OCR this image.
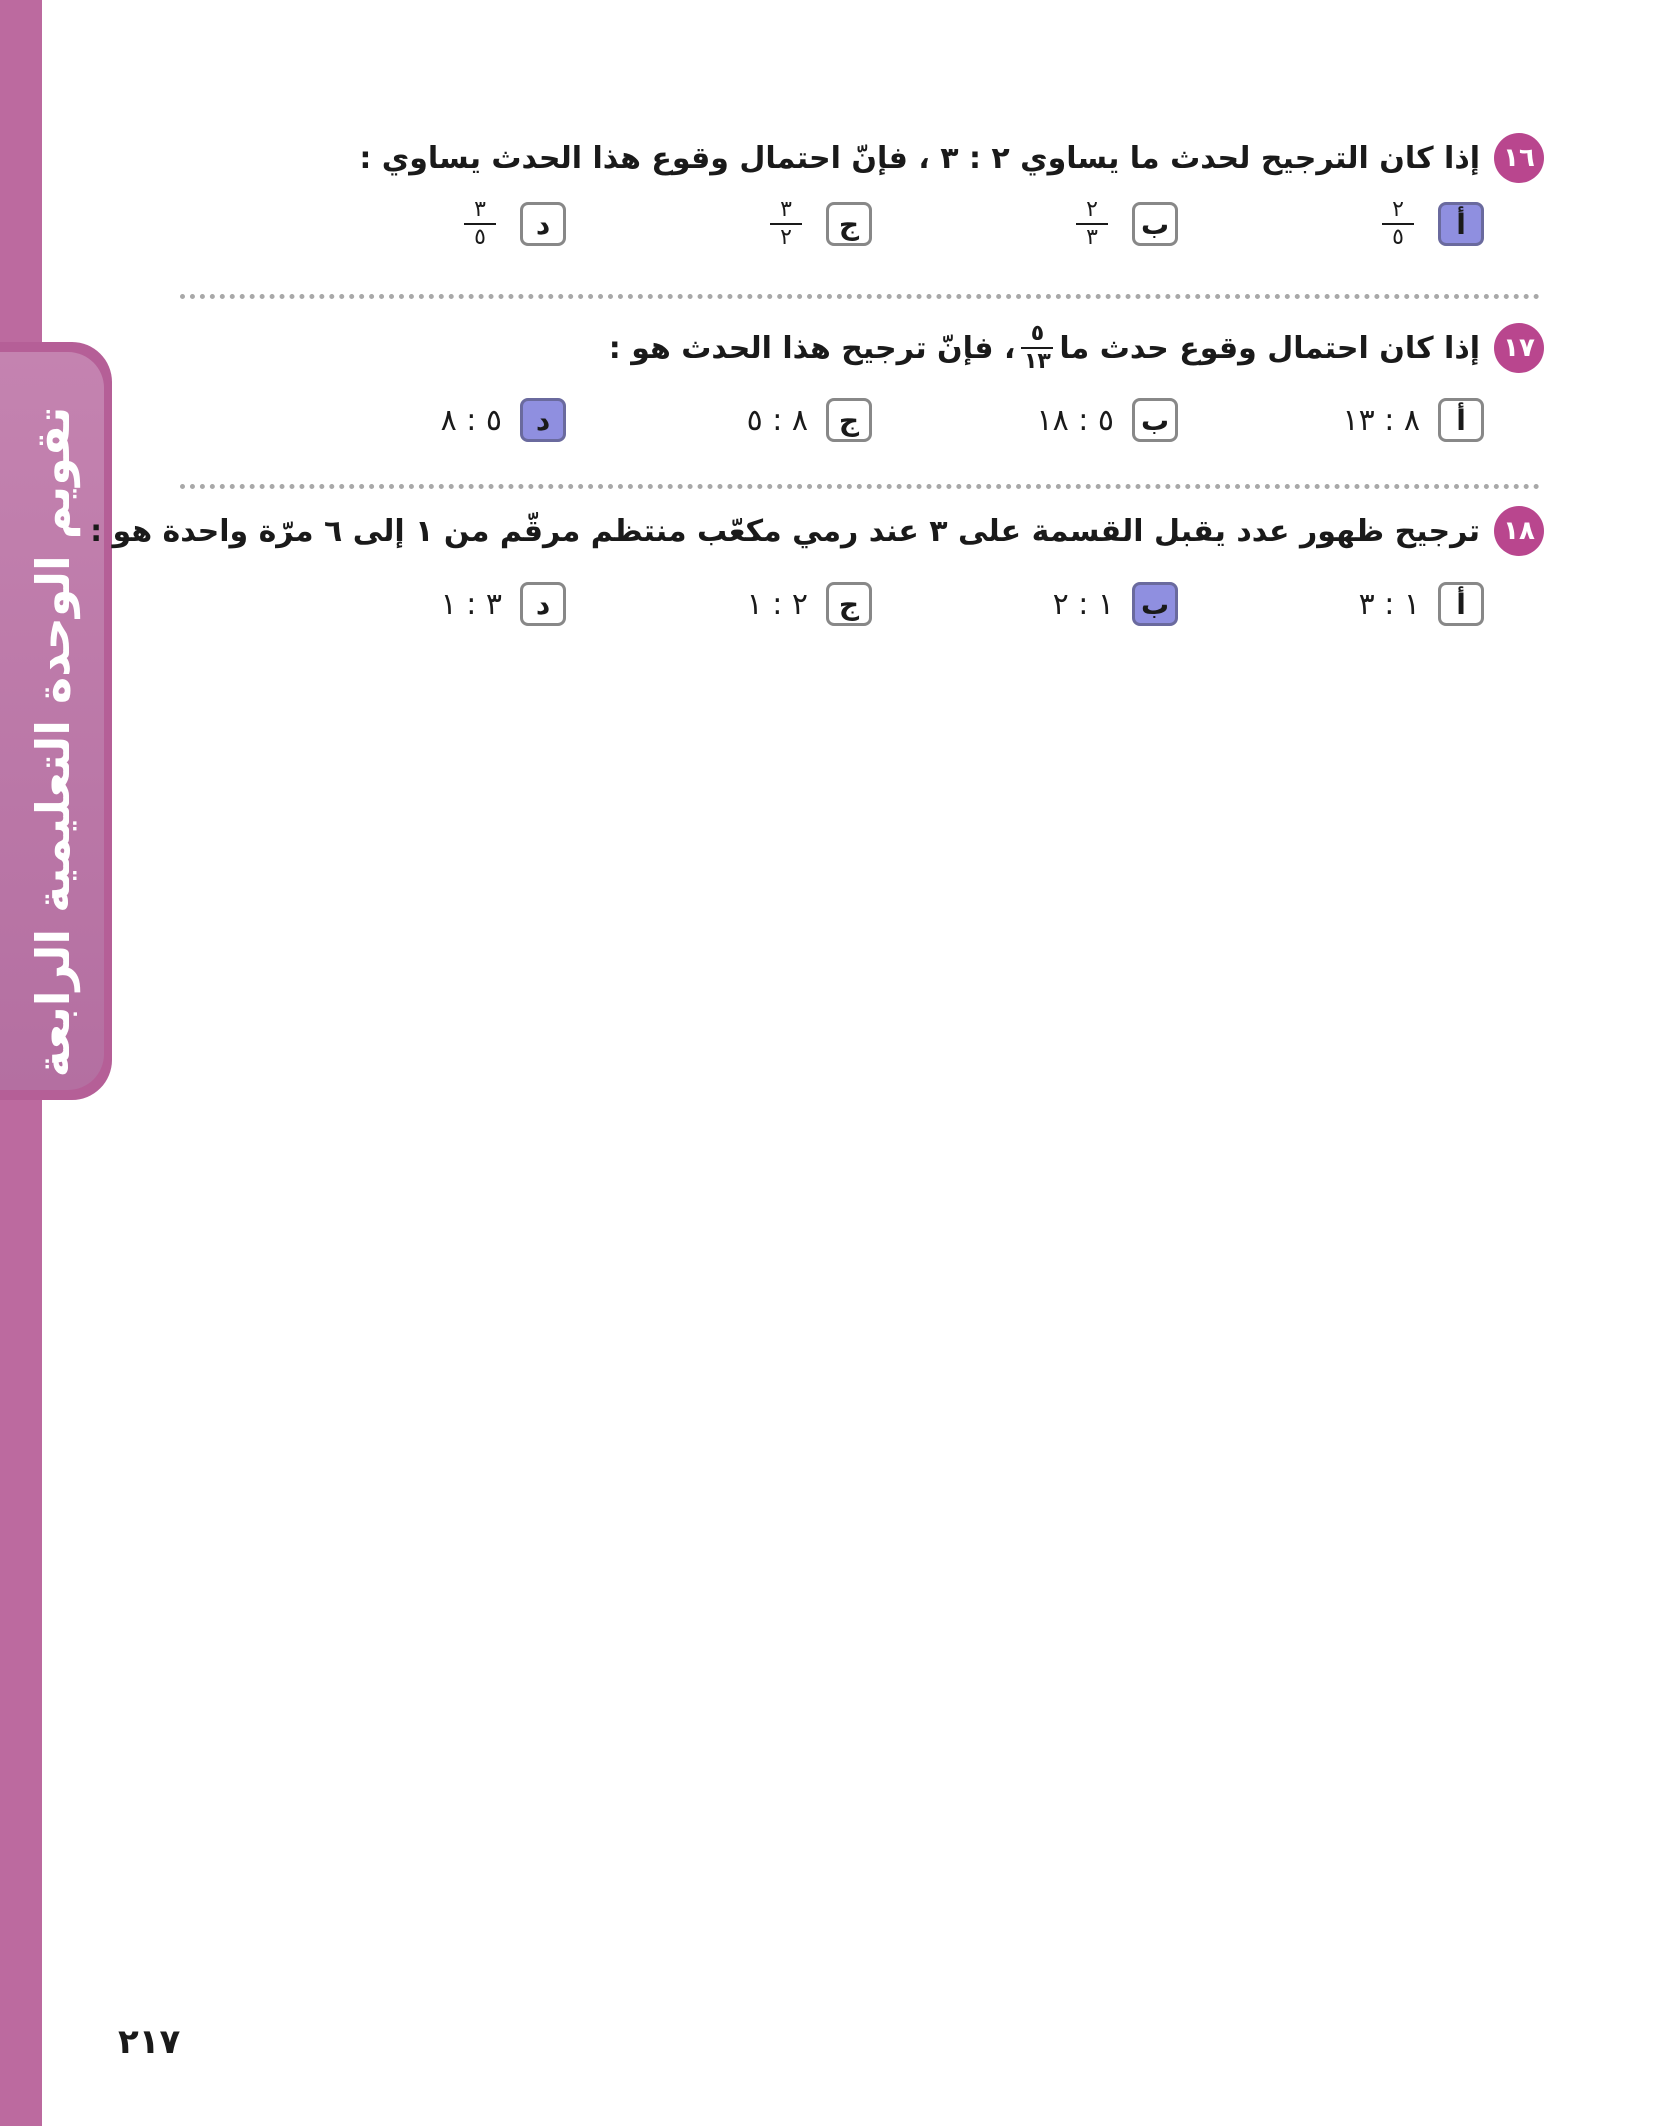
تقويم الوحدة التعليمية الرابعة
١٦
إذا كان الترجيح لحدث ما يساوي ٢ : ٣ ، فإنّ احتمال وقوع هذا الحدث يساوي :
أ
$\frac{٢}{٥}$
ب
$\frac{٢}{٣}$
ج
$\frac{٣}{٢}$
د
$\frac{٣}{٥}$
١٧
إذا كان احتمال وقوع حدث ما
$\frac{٥}{١٣}$
، فإنّ ترجيح هذا الحدث هو :
أ
٨ : ١٣
ب
٥ : ١٨
ج
٨ : ٥
د
٥ : ٨
١٨
ترجيح ظهور عدد يقبل القسمة على ٣ عند رمي مكعّب منتظم مرقّم من ١ إلى ٦ مرّة واحدة هو :
أ
١ : ٣
ب
١ : ٢
ج
٢ : ١
د
٣ : ١
٢١٧
